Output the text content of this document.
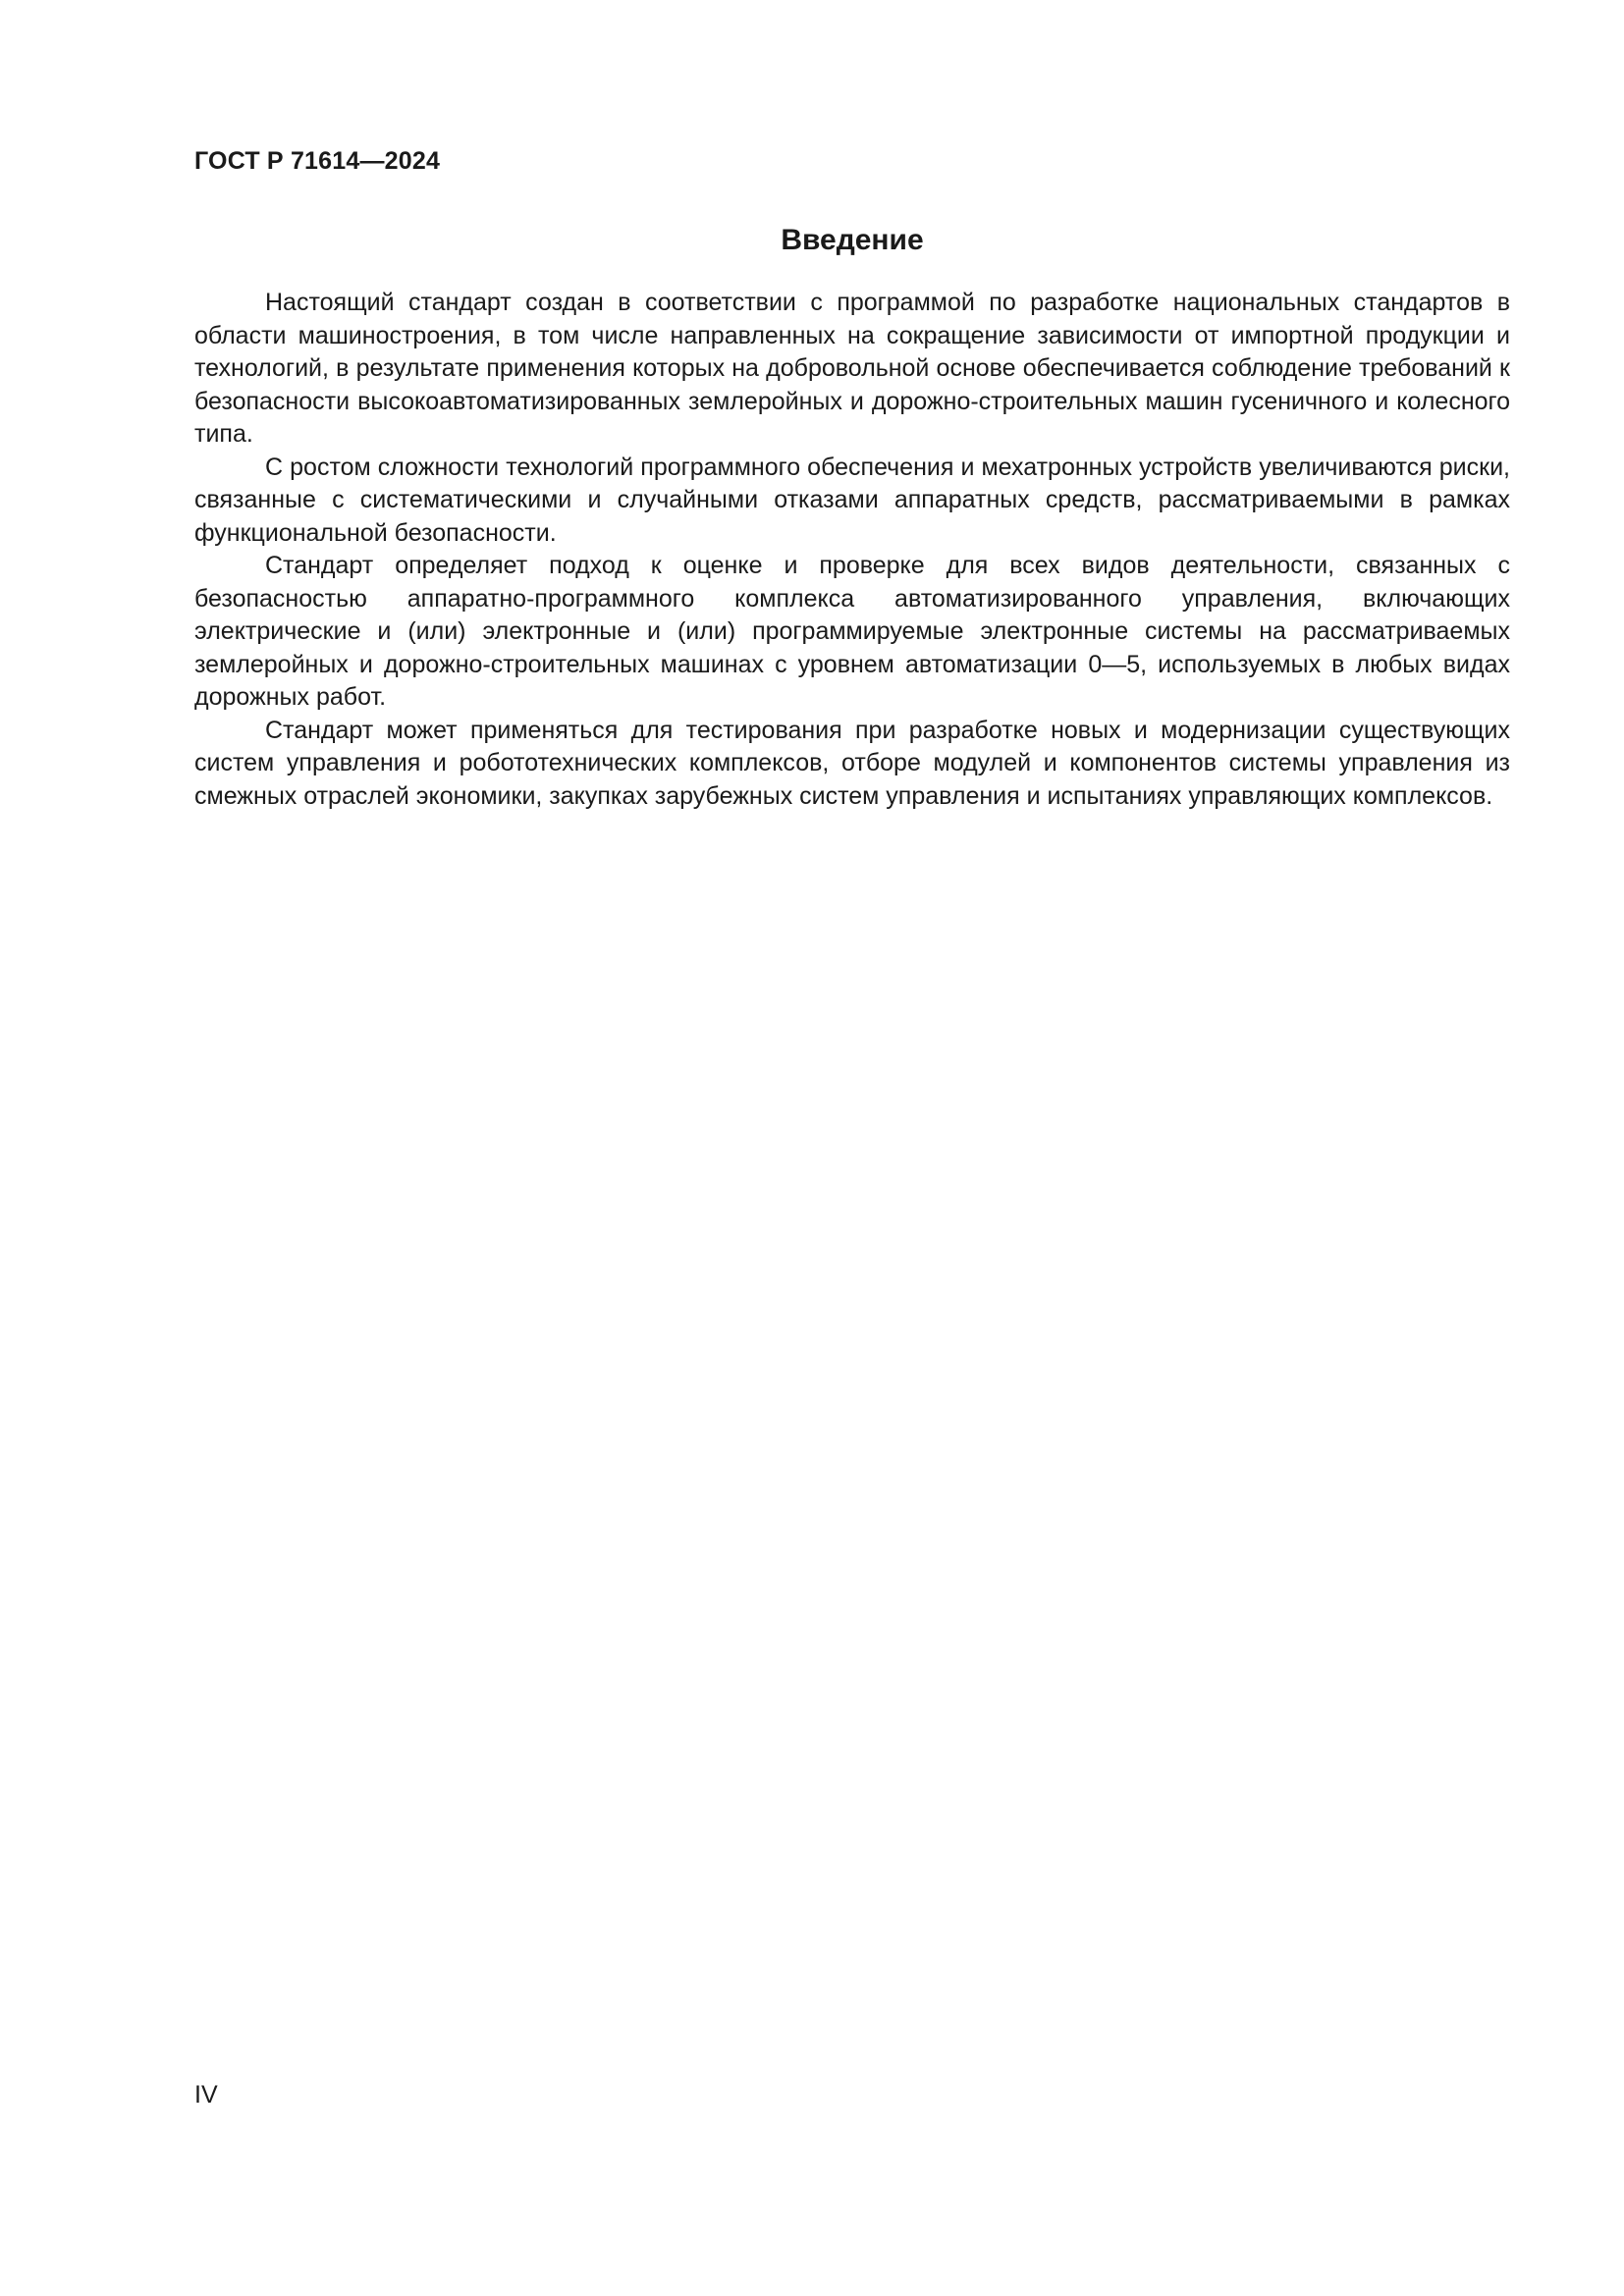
ГОСТ Р 71614—2024
Введение

Настоящий стандарт создан в соответствии с программой по разработке национальных стандартов в области машиностроения, в том числе направленных на сокращение зависимости от импортной продукции и технологий, в результате применения которых на добровольной основе обеспечивается соблюдение требований к безопасности высокоавтоматизированных землеройных и дорожно-строительных машин гусеничного и колесного типа.

С ростом сложности технологий программного обеспечения и мехатронных устройств увеличиваются риски, связанные с систематическими и случайными отказами аппаратных средств, рассматриваемыми в рамках функциональной безопасности.

Стандарт определяет подход к оценке и проверке для всех видов деятельности, связанных с безопасностью аппаратно-программного комплекса автоматизированного управления, включающих электрические и (или) электронные и (или) программируемые электронные системы на рассматриваемых землеройных и дорожно-строительных машинах с уровнем автоматизации 0—5, используемых в любых видах дорожных работ.

Стандарт может применяться для тестирования при разработке новых и модернизации существующих систем управления и робототехнических комплексов, отборе модулей и компонентов системы управления из смежных отраслей экономики, закупках зарубежных систем управления и испытаниях управляющих комплексов.

IV
